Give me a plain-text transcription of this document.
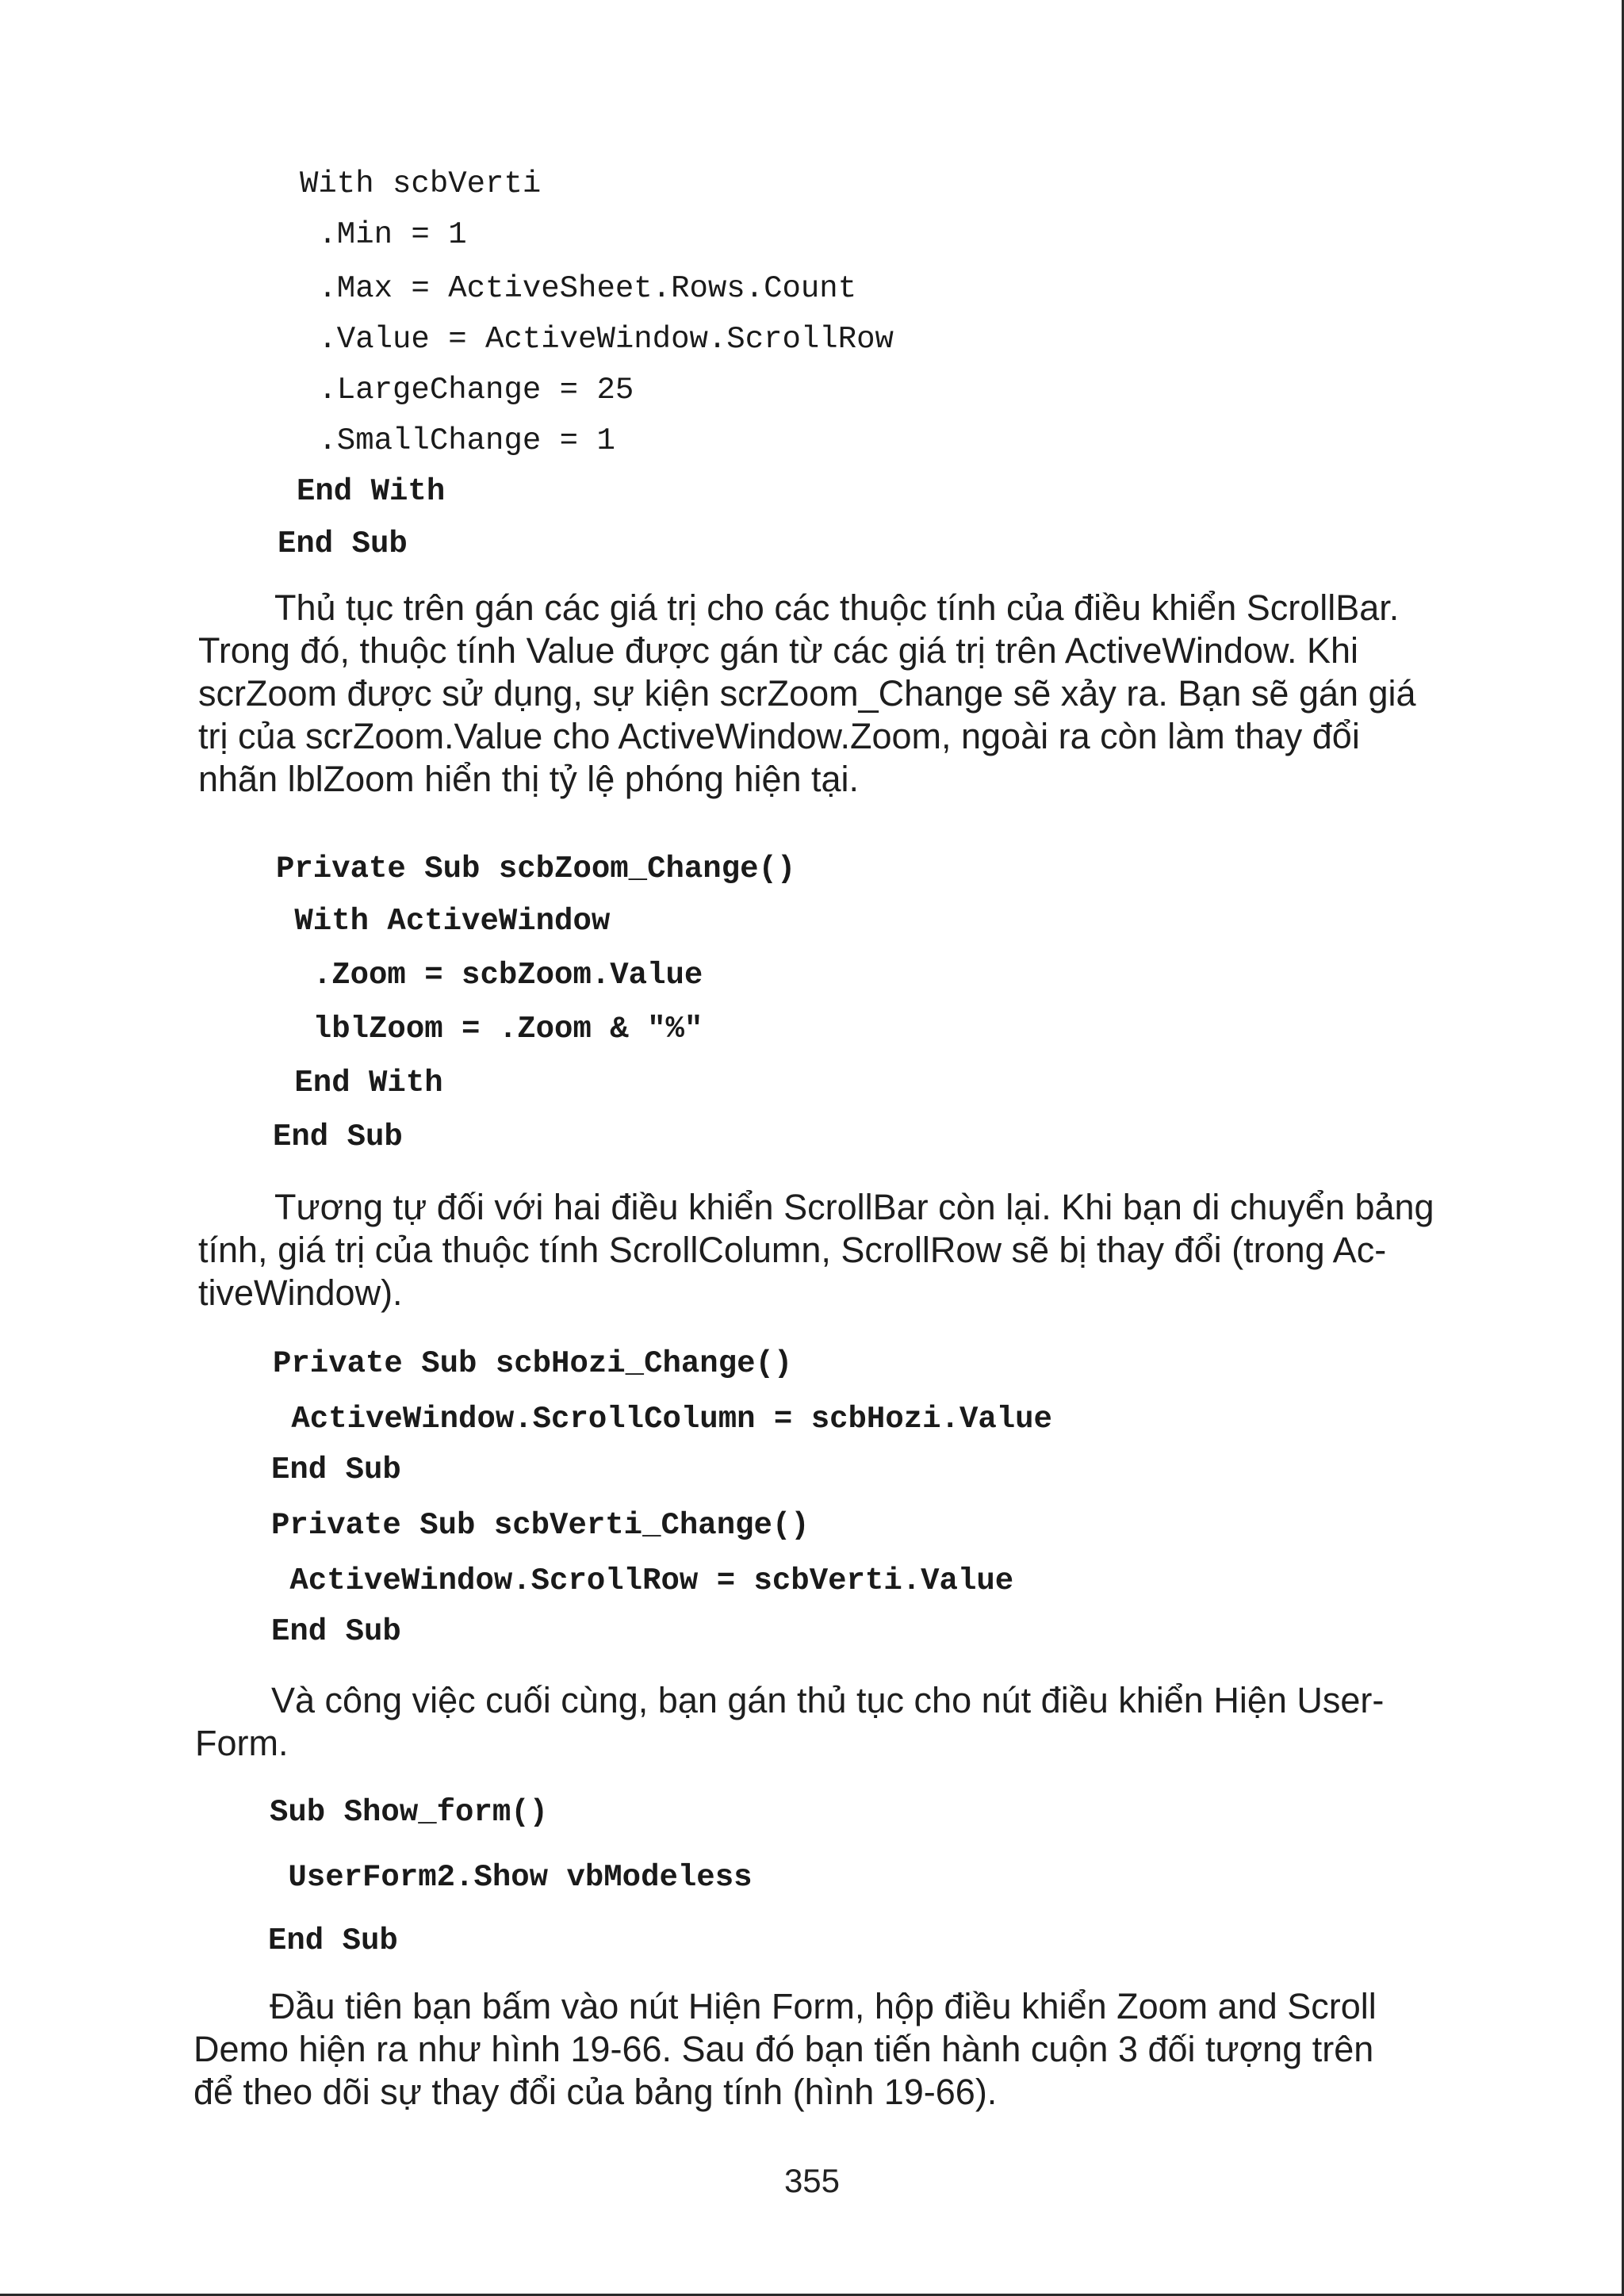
With scbVerti
.Min = 1
.Max = ActiveSheet.Rows.Count
.Value = ActiveWindow.ScrollRow
.LargeChange = 25
.SmallChange = 1
End With
End Sub
Thủ tục trên gán các giá trị cho các thuộc tính của điều khiển ScrollBar.
Trong đó, thuộc tính Value được gán từ các giá trị trên ActiveWindow. Khi
scrZoom được sử dụng, sự kiện scrZoom_Change sẽ xảy ra. Bạn sẽ gán giá
trị của scrZoom.Value cho ActiveWindow.Zoom, ngoài ra còn làm thay đổi
nhãn lblZoom hiển thị tỷ lệ phóng hiện tại.
Private Sub scbZoom_Change()
With ActiveWindow
.Zoom = scbZoom.Value
lblZoom = .Zoom & "%"
End With
End Sub
Tương tự đối với hai điều khiển ScrollBar còn lại. Khi bạn di chuyển bảng
tính, giá trị của thuộc tính ScrollColumn, ScrollRow sẽ bị thay đổi (trong Ac-
tiveWindow).
Private Sub scbHozi_Change()
ActiveWindow.ScrollColumn = scbHozi.Value
End Sub
Private Sub scbVerti_Change()
ActiveWindow.ScrollRow = scbVerti.Value
End Sub
Và công việc cuối cùng, bạn gán thủ tục cho nút điều khiển Hiện User-
Form.
Sub Show_form()
UserForm2.Show vbModeless
End Sub
Đầu tiên bạn bấm vào nút Hiện Form, hộp điều khiển Zoom and Scroll
Demo hiện ra như hình 19-66. Sau đó bạn tiến hành cuộn 3 đối tượng trên
để theo dõi sự thay đổi của bảng tính (hình 19-66).
355
